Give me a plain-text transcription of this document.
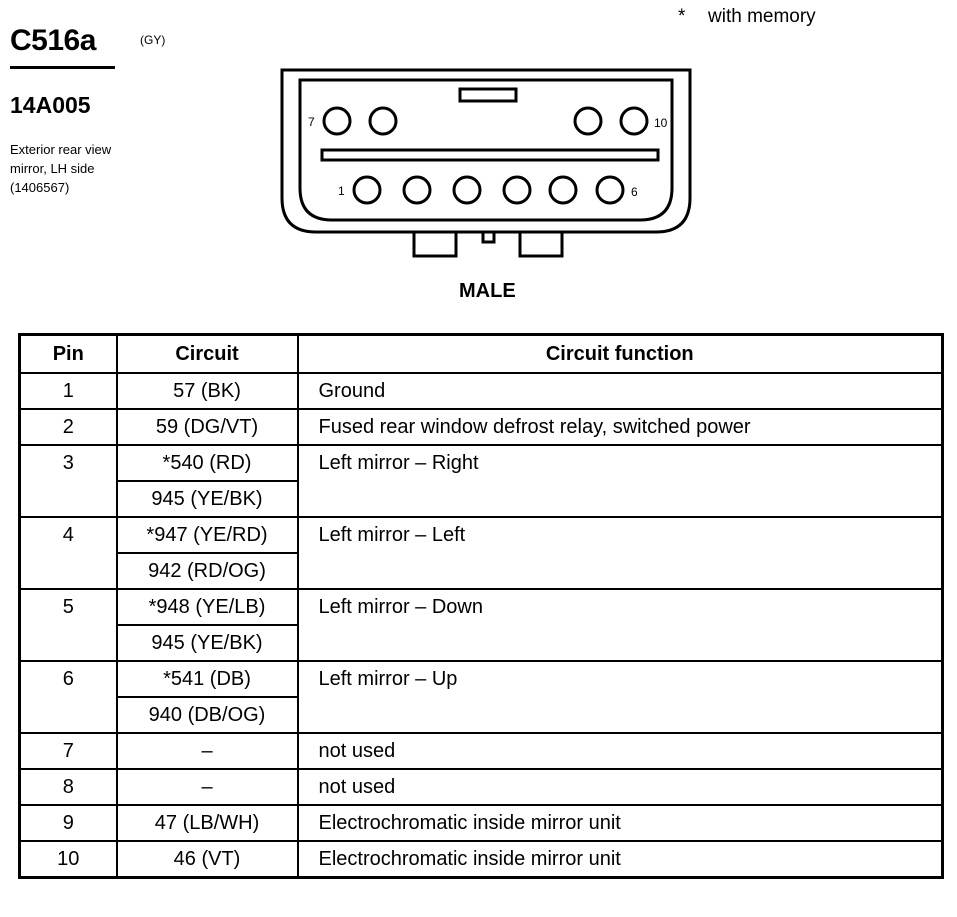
C516a	(GY)
14A005
Exterior rear view
mirror, LH side
(1406567)
* with memory
7	10
1	6
MALE
Pin	Circuit	Circuit function
1	57 (BK)	Ground
2	59 (DG/VT)	Fused rear window defrost relay, switched power
3	*540 (RD)	Left mirror – Right
	945 (YE/BK)	
4	*947 (YE/RD)	Left mirror – Left
	942 (RD/OG)	
5	*948 (YE/LB)	Left mirror – Down
	945 (YE/BK)	
6	*541 (DB)	Left mirror – Up
	940 (DB/OG)	
7	–	not used
8	–	not used
9	47 (LB/WH)	Electrochromatic inside mirror unit
10	46 (VT)	Electrochromatic inside mirror unit
